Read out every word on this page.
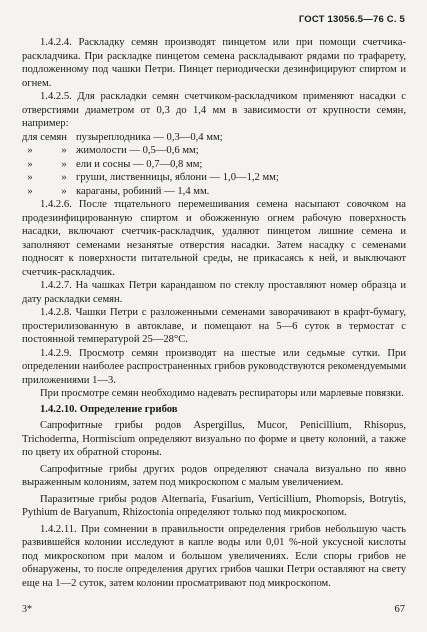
ГОСТ 13056.5—76 С. 5

1.4.2.4. Раскладку семян производят пинцетом или при помощи счетчика-раскладчика. При раскладке пинцетом семена раскладывают рядами по трафарету, подложенному под чашки Петри. Пинцет периодически дезинфицируют спиртом и огнем.

1.4.2.5. Для раскладки семян счетчиком-раскладчиком применяют насадки с отверстиями диаметром от 0,3 до 1,4 мм в зависимости от крупности семян, например:

для семян пузыреплодника — 0,3—0,4 мм;
»	» жимолости — 0,5—0,6 мм;
»	» ели и сосны — 0,7—0,8 мм;
»	» груши, лиственницы, яблони — 1,0—1,2 мм;
»	» караганы, робиний — 1,4 мм.

1.4.2.6. После тщательного перемешивания семена насыпают совочком на продезинфицированную спиртом и обожженную огнем рабочую поверхность насадки, включают счетчик-раскладчик, удаляют пинцетом лишние семена и заполняют семенами незанятые отверстия насадки. Затем насадку с семенами подносят к поверхности питательной среды, не прикасаясь к ней, и выключают счетчик-раскладчик.

1.4.2.7. На чашках Петри карандашом по стеклу проставляют номер образца и дату раскладки семян.

1.4.2.8. Чашки Петри с разложенными семенами заворачивают в крафт-бумагу, простерилизованную в автоклаве, и помещают на 5—6 суток в термостат с постоянной температурой 25—28°С.

1.4.2.9. Просмотр семян производят на шестые или седьмые сутки. При определении наиболее распространенных грибов руководствуются рекомендуемыми приложениями 1—3.

При просмотре семян необходимо надевать респираторы или марлевые повязки.

1.4.2.10. Определение грибов

Сапрофитные грибы родов Aspergillus, Mucor, Penicillium, Rhisopus, Trichoderma, Hormiscium определяют визуально по форме и цвету колоний, а также по цвету их обратной стороны.

Сапрофитные грибы других родов определяют сначала визуально по явно выраженным колониям, затем под микроскопом с малым увеличением.

Паразитные грибы родов Alternaria, Fusarium, Verticillium, Phomopsis, Botrytis, Pythium de Baryanum, Rhizoctonia определяют только под микроскопом.

1.4.2.11. При сомнении в правильности определения грибов небольшую часть развившейся колонии исследуют в капле воды или 0,01 %-ной уксусной кислоты под микроскопом при малом и большом увеличениях. Если споры грибов не обнаружены, то после определения других грибов чашки Петри оставляют на свету еще на 1—2 суток, затем колонии просматривают под микроскопом.

3*	67
